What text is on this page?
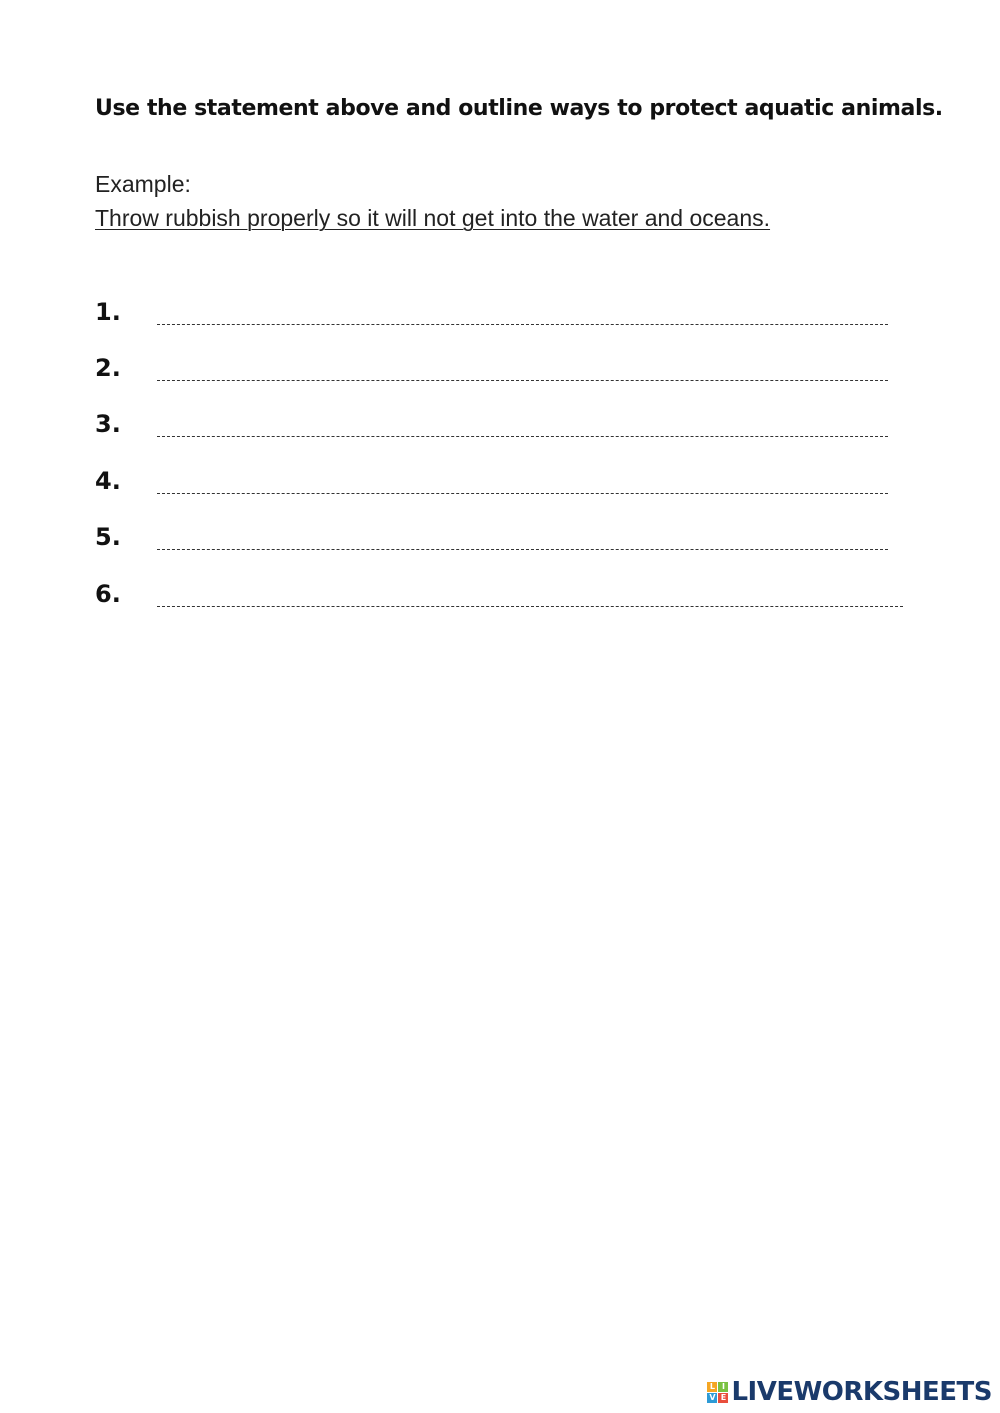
Use the statement above and outline ways to protect aquatic animals.
Example:
Throw rubbish properly so it will not get into the water and oceans.
1.
2.
3.
4.
5.
6.
L I
V E LIVEWORKSHEETS
